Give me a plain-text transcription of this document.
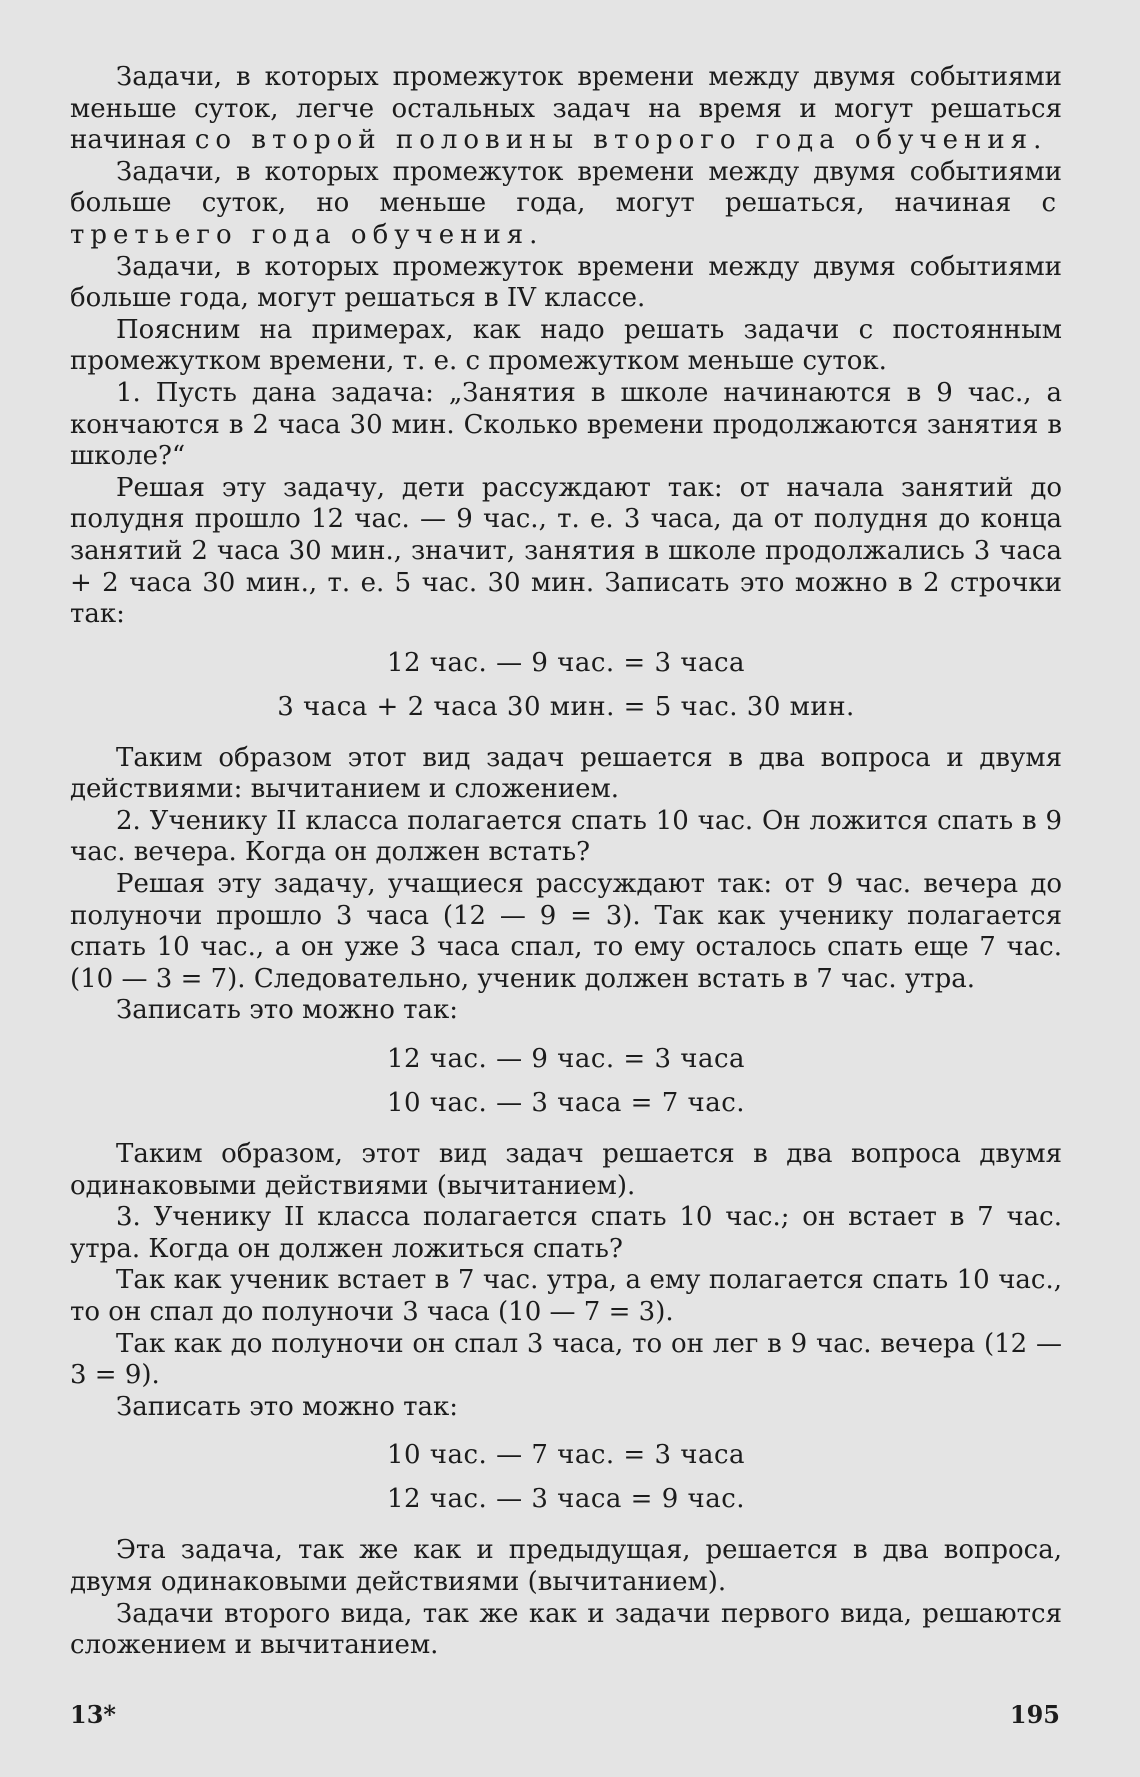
Задачи, в которых промежуток времени между двумя событиями меньше суток, легче остальных задач на время и могут решаться начиная со второй половины второго года обучения.

Задачи, в которых промежуток времени между двумя событиями больше суток, но меньше года, могут решаться, начиная с третьего года обучения.

Задачи, в которых промежуток времени между двумя событиями больше года, могут решаться в IV классе.

Поясним на примерах, как надо решать задачи с постоянным промежутком времени, т. е. с промежутком меньше суток.

1. Пусть дана задача: „Занятия в школе начинаются в 9 час., а кончаются в 2 часа 30 мин. Сколько времени продолжаются занятия в школе?“

Решая эту задачу, дети рассуждают так: от начала занятий до полудня прошло 12 час. — 9 час., т. е. 3 часа, да от полудня до конца занятий 2 часа 30 мин., значит, занятия в школе продолжались 3 часа + 2 часа 30 мин., т. е. 5 час. 30 мин. Записать это можно в 2 строчки так:

12 час. — 9 час. = 3 часа
3 часа + 2 часа 30 мин. = 5 час. 30 мин.

Таким образом этот вид задач решается в два вопроса и двумя действиями: вычитанием и сложением.

2. Ученику II класса полагается спать 10 час. Он ложится спать в 9 час. вечера. Когда он должен встать?

Решая эту задачу, учащиеся рассуждают так: от 9 час. вечера до полуночи прошло 3 часа (12 — 9 = 3). Так как ученику полагается спать 10 час., а он уже 3 часа спал, то ему осталось спать еще 7 час. (10 — 3 = 7). Следовательно, ученик должен встать в 7 час. утра.

Записать это можно так:

12 час. — 9 час. = 3 часа
10 час. — 3 часа = 7 час.

Таким образом, этот вид задач решается в два вопроса двумя одинаковыми действиями (вычитанием).

3. Ученику II класса полагается спать 10 час.; он встает в 7 час. утра. Когда он должен ложиться спать?

Так как ученик встает в 7 час. утра, а ему полагается спать 10 час., то он спал до полуночи 3 часа (10 — 7 = 3).

Так как до полуночи он спал 3 часа, то он лег в 9 час. вечера (12 — 3 = 9).

Записать это можно так:

10 час. — 7 час. = 3 часа
12 час. — 3 часа = 9 час.

Эта задача, так же как и предыдущая, решается в два вопроса, двумя одинаковыми действиями (вычитанием).

Задачи второго вида, так же как и задачи первого вида, решаются сложением и вычитанием.

13*	195
